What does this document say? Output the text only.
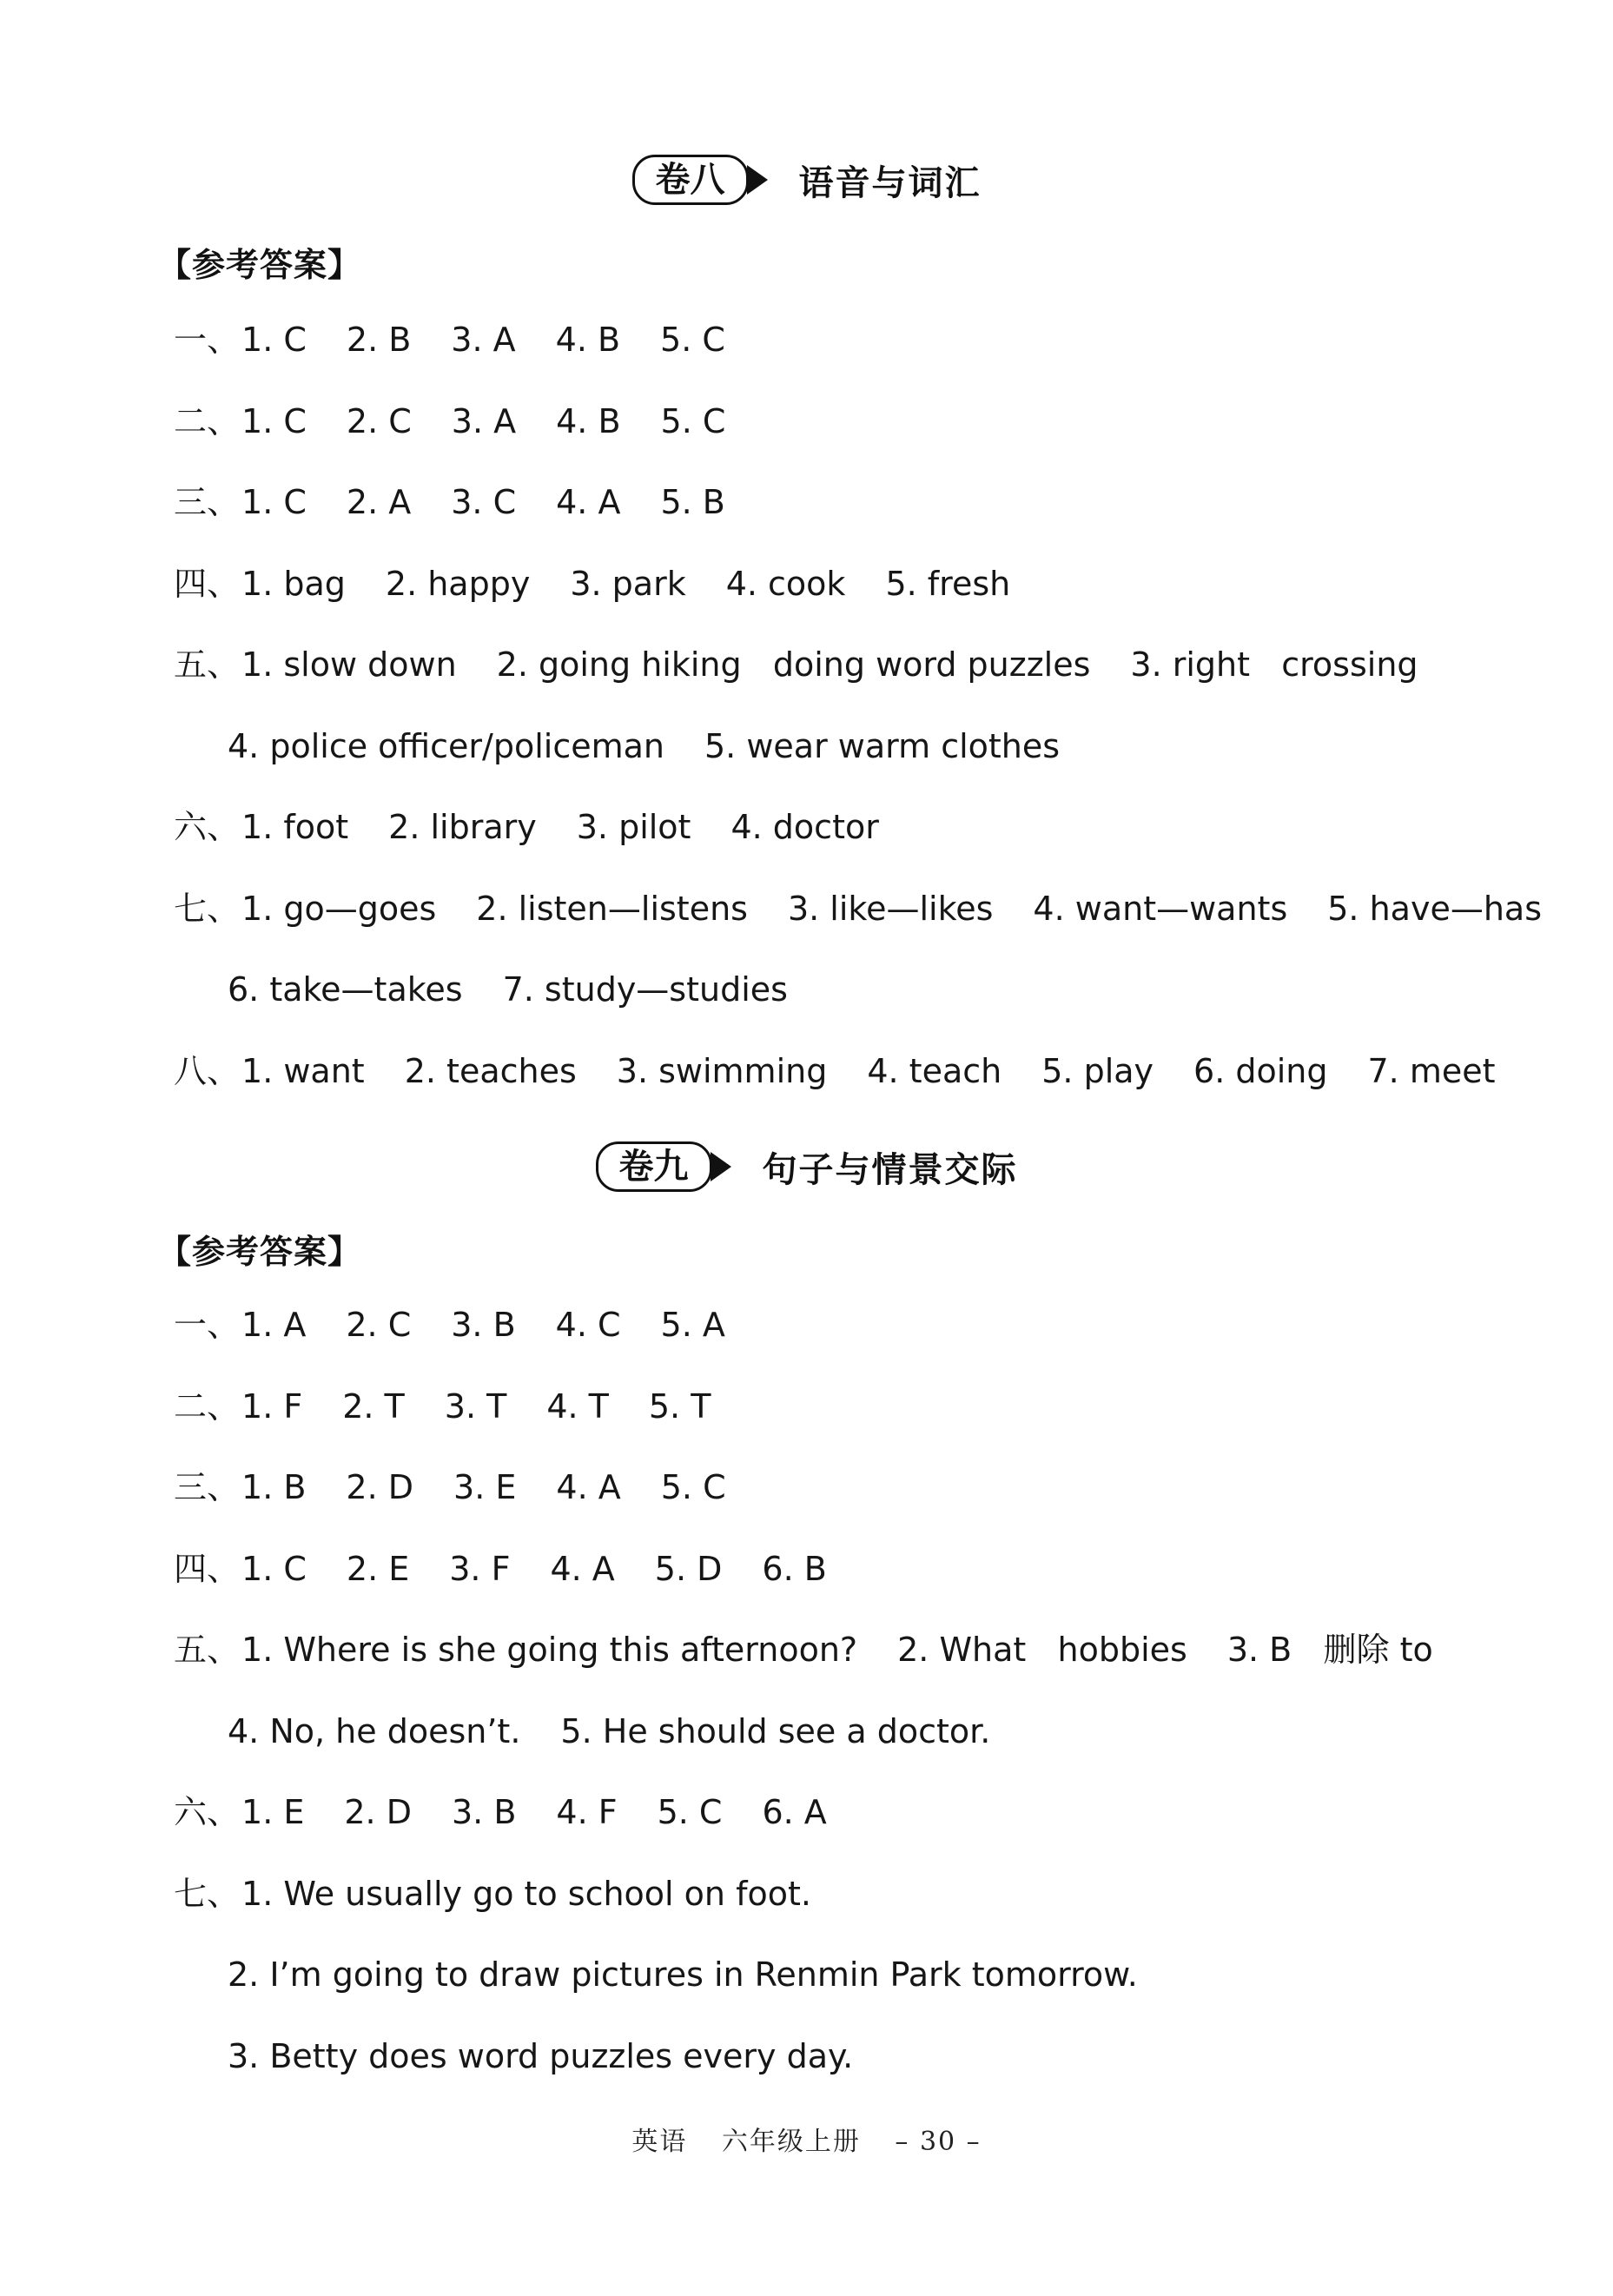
卷八	语音与词汇
【参考答案】
一、1. C 2. B 3. A 4. B 5. C
二、1. C 2. C 3. A 4. B 5. C
三、1. C 2. A 3. C 4. A 5. B
四、1. bag 2. happy 3. park 4. cook 5. fresh
五、1. slow down 2. going hiking   doing word puzzles 3. right   crossing
4. police officer/policeman 5. wear warm clothes
六、1. foot 2. library 3. pilot 4. doctor
七、1. go—goes 2. listen—listens 3. like—likes 4. want—wants 5. have—has
6. take—takes 7. study—studies
八、1. want 2. teaches 3. swimming 4. teach 5. play 6. doing 7. meet
卷九	句子与情景交际
【参考答案】
一、1. A 2. C 3. B 4. C 5. A
二、1. F 2. T 3. T 4. T 5. T
三、1. B 2. D 3. E 4. A 5. C
四、1. C 2. E 3. F 4. A 5. D 6. B
五、1. Where is she going this afternoon? 2. What   hobbies 3. B   删除 to
4. No, he doesn’t. 5. He should see a doctor.
六、1. E 2. D 3. B 4. F 5. C 6. A
七、1. We usually go to school on foot.
2. I’m going to draw pictures in Renmin Park tomorrow.
3. Betty does word puzzles every day.
英语 六年级上册 – 30 –
